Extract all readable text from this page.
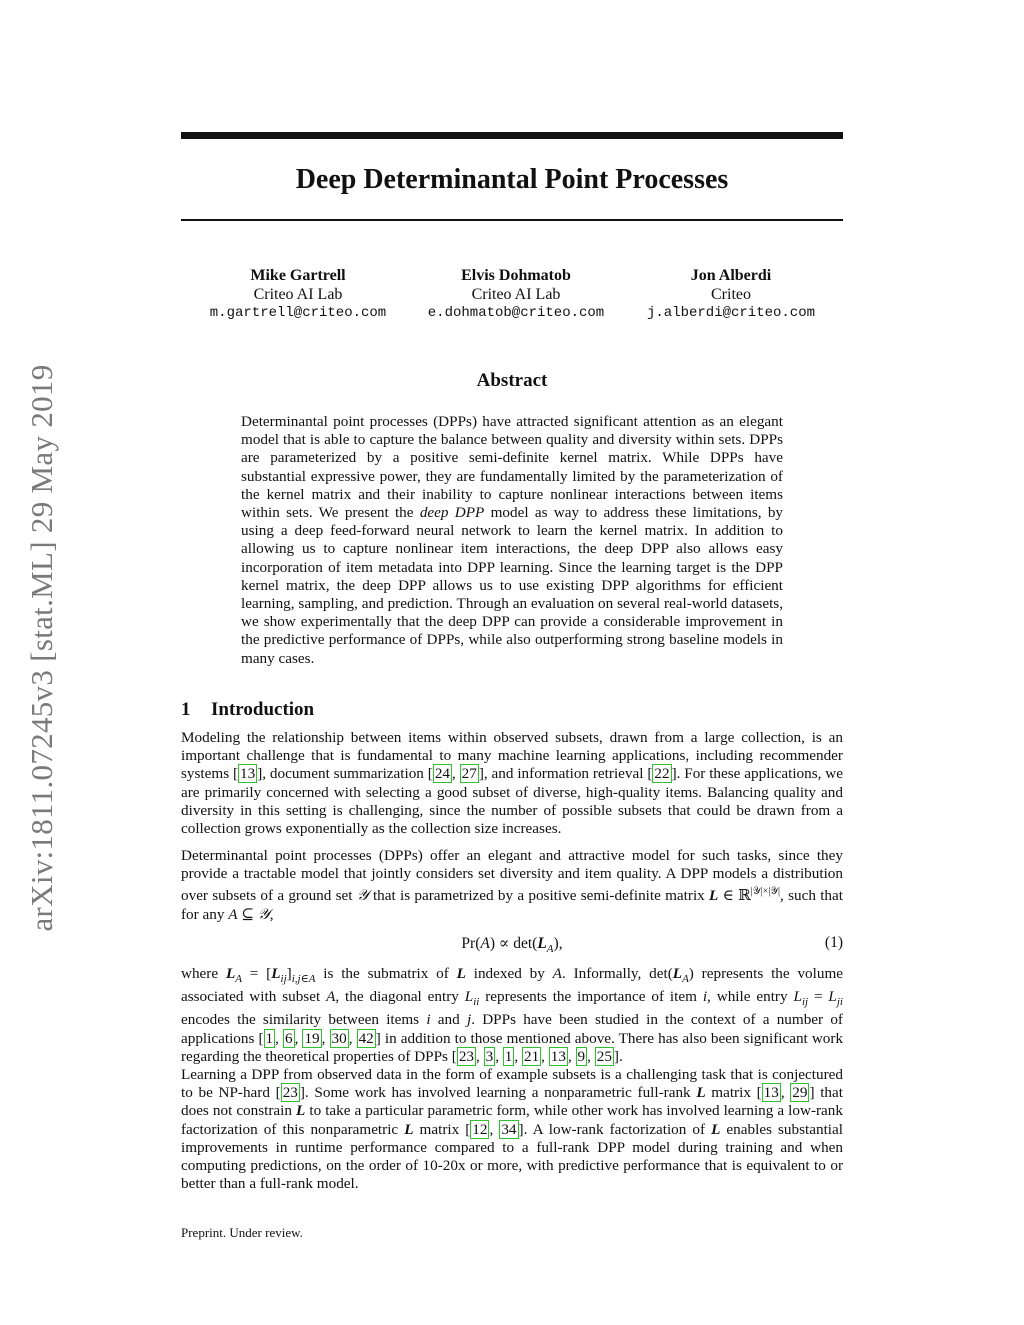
arXiv:1811.07245v3 [stat.ML] 29 May 2019
Deep Determinantal Point Processes
Mike Gartrell
Criteo AI Lab
m.gartrell@criteo.com
Elvis Dohmatob
Criteo AI Lab
e.dohmatob@criteo.com
Jon Alberdi
Criteo
j.alberdi@criteo.com
Abstract
Determinantal point processes (DPPs) have attracted significant attention as an elegant model that is able to capture the balance between quality and diversity within sets. DPPs are parameterized by a positive semi-definite kernel matrix. While DPPs have substantial expressive power, they are fundamentally limited by the parameterization of the kernel matrix and their inability to capture nonlinear interactions between items within sets. We present the deep DPP model as way to address these limitations, by using a deep feed-forward neural network to learn the kernel matrix. In addition to allowing us to capture nonlinear item interactions, the deep DPP also allows easy incorporation of item metadata into DPP learning. Since the learning target is the DPP kernel matrix, the deep DPP allows us to use existing DPP algorithms for efficient learning, sampling, and prediction. Through an evaluation on several real-world datasets, we show experimentally that the deep DPP can provide a considerable improvement in the predictive performance of DPPs, while also outperforming strong baseline models in many cases.
1 Introduction
Modeling the relationship between items within observed subsets, drawn from a large collection, is an important challenge that is fundamental to many machine learning applications, including recommender systems [ 13 ], document summarization [ 24 , 27 ], and information retrieval [ 22 ]. For these applications, we are primarily concerned with selecting a good subset of diverse, high-quality items. Balancing quality and diversity in this setting is challenging, since the number of possible subsets that could be drawn from a collection grows exponentially as the collection size increases.
Determinantal point processes (DPPs) offer an elegant and attractive model for such tasks, since they provide a tractable model that jointly considers set diversity and item quality. A DPP models a distribution over subsets of a ground set 𝒴 that is parametrized by a positive semi-definite matrix L ∈ ℝ$^{|𝒴|\times|𝒴|}$, such that for any A ⊆ 𝒴,
$Pr(A) \propto \det(L_A)$,	(1)
where $L_A = [L_{ij}]_{i,j\in A}$ is the submatrix of L indexed by A. Informally, $\det(L_A)$ represents the volume associated with subset A, the diagonal entry $L_{ii}$ represents the importance of item i, while entry $L_{ij} = L_{ji}$ encodes the similarity between items i and j. DPPs have been studied in the context of a number of applications [ 1 , 6 , 19 , 30 , 42 ] in addition to those mentioned above. There has also been significant work regarding the theoretical properties of DPPs [ 23 , 3 , 1 , 21 , 13 , 9 , 25 ].
Learning a DPP from observed data in the form of example subsets is a challenging task that is conjectured to be NP-hard [ 23 ]. Some work has involved learning a nonparametric full-rank L matrix [ 13 , 29 ] that does not constrain L to take a particular parametric form, while other work has involved learning a low-rank factorization of this nonparametric L matrix [ 12 , 34 ]. A low-rank factorization of L enables substantial improvements in runtime performance compared to a full-rank DPP model during training and when computing predictions, on the order of 10-20x or more, with predictive performance that is equivalent to or better than a full-rank model.
Preprint. Under review.
